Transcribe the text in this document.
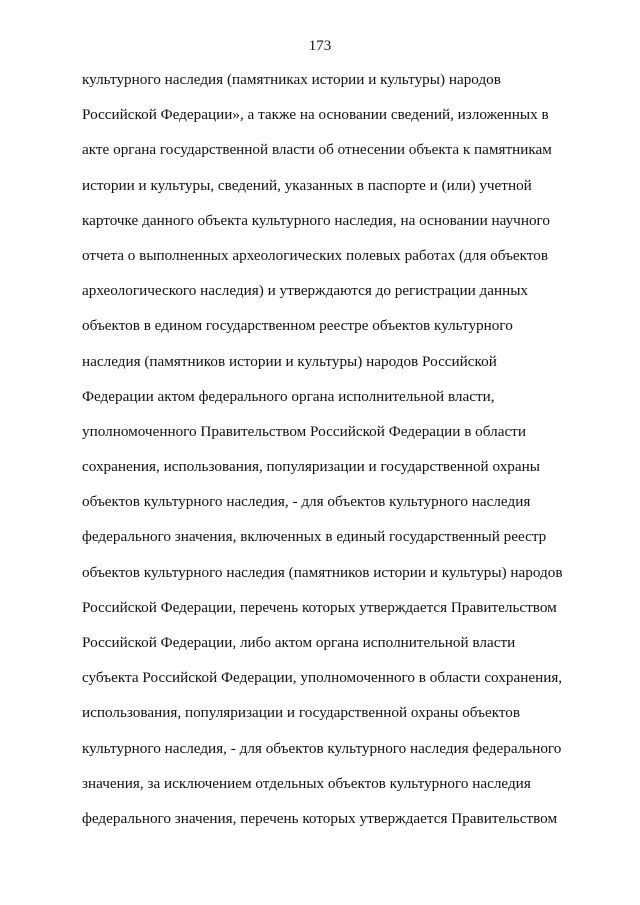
173
культурного наследия (памятниках истории и культуры) народов
Российской Федерации», а также на основании сведений, изложенных в
акте органа государственной власти об отнесении объекта к памятникам
истории и культуры, сведений, указанных в паспорте и (или) учетной
карточке данного объекта культурного наследия, на основании научного
отчета о выполненных археологических полевых работах (для объектов
археологического наследия) и утверждаются до регистрации данных
объектов в едином государственном реестре объектов культурного
наследия (памятников истории и культуры) народов Российской
Федерации актом федерального органа исполнительной власти,
уполномоченного Правительством Российской Федерации в области
сохранения, использования, популяризации и государственной охраны
объектов культурного наследия, - для объектов культурного наследия
федерального значения, включенных в единый государственный реестр
объектов культурного наследия (памятников истории и культуры) народов
Российской Федерации, перечень которых утверждается Правительством
Российской Федерации, либо актом органа исполнительной власти
субъекта Российской Федерации, уполномоченного в области сохранения,
использования, популяризации и государственной охраны объектов
культурного наследия, - для объектов культурного наследия федерального
значения, за исключением отдельных объектов культурного наследия
федерального значения, перечень которых утверждается Правительством
